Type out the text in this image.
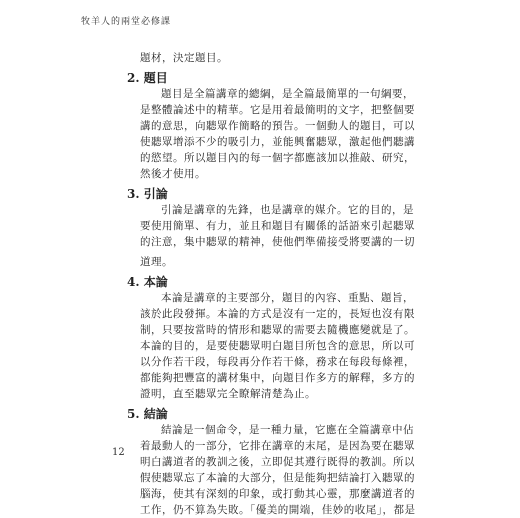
牧羊人的兩堂必修課

題材，決定題目。

2. 題目

題目是全篇講章的總綱，是全篇最簡單的一句綱要，

是整體論述中的精華。它是用着最簡明的文字，把整個要

講的意思，向聽眾作簡略的預告。一個動人的題目，可以

使聽眾增添不少的吸引力，並能興奮聽眾，激起他們聽講

的慾望。所以題目內的每一個字都應該加以推敲、研究，

然後才使用。

3. 引論

引論是講章的先鋒，也是講章的媒介。它的目的，是

要使用簡單、有力，並且和題目有關係的話語來引起聽眾

的注意，集中聽眾的精神，使他們準備接受將要講的一切

道理。

4. 本論

本論是講章的主要部分，題目的內容、重點、題旨，

該於此段發揮。本論的方式是沒有一定的，長短也沒有限

制，只要按當時的情形和聽眾的需要去隨機應變就是了。

本論的目的，是要使聽眾明白題目所包含的意思，所以可

以分作若干段，每段再分作若干條，務求在每段每條裡，

都能夠把豐富的講材集中，向題目作多方的解釋，多方的

證明，直至聽眾完全瞭解清楚為止。

5. 結論

結論是一個命令，是一種力量，它應在全篇講章中佔

着最動人的一部分，它排在講章的末尾，是因為要在聽眾

明白講道者的教訓之後，立即促其遵行既得的教訓。所以

假使聽眾忘了本論的大部分，但是能夠把結論打入聽眾的

腦海，使其有深刻的印象，或打動其心靈，那麼講道者的

工作，仍不算為失敗。「優美的開端，佳妙的收尾」，都是

12
